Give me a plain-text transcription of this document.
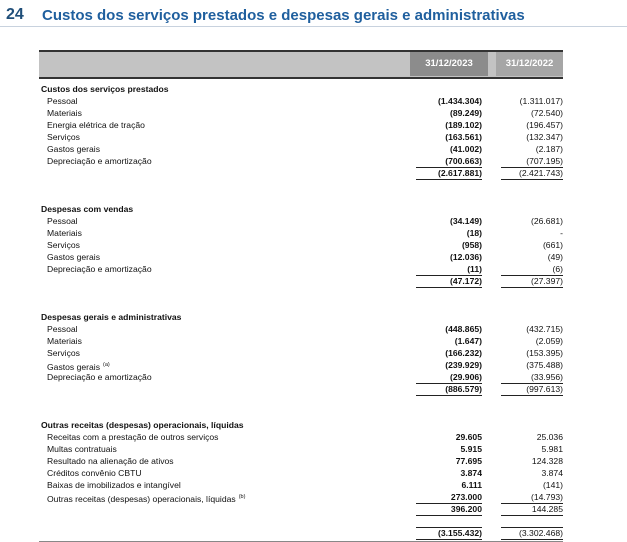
24	Custos dos serviços prestados e despesas gerais e administrativas
31/12/2023	31/12/2022
Custos dos serviços prestados
Pessoal	(1.434.304)	(1.311.017)
Materiais	(89.249)	(72.540)
Energia elétrica de tração	(189.102)	(196.457)
Serviços	(163.561)	(132.347)
Gastos gerais	(41.002)	(2.187)
Depreciação e amortização	(700.663)	(707.195)
(2.617.881)	(2.421.743)
Despesas com vendas
Pessoal	(34.149)	(26.681)
Materiais	(18)	-
Serviços	(958)	(661)
Gastos gerais	(12.036)	(49)
Depreciação e amortização	(11)	(6)
(47.172)	(27.397)
Despesas gerais e administrativas
Pessoal	(448.865)	(432.715)
Materiais	(1.647)	(2.059)
Serviços	(166.232)	(153.395)
Gastos gerais $^{(a)}$	(239.929)	(375.488)
Depreciação e amortização	(29.906)	(33.956)
(886.579)	(997.613)
Outras receitas (despesas) operacionais, líquidas
Receitas com a prestação de outros serviços	29.605	25.036
Multas contratuais	5.915	5.981
Resultado na alienação de ativos	77.695	124.328
Créditos convênio CBTU	3.874	3.874
Baixas de imobilizados e intangível	6.111	(141)
Outras receitas (despesas) operacionais, líquidas $^{(b)}$	273.000	(14.793)
396.200	144.285
(3.155.432)	(3.302.468)
